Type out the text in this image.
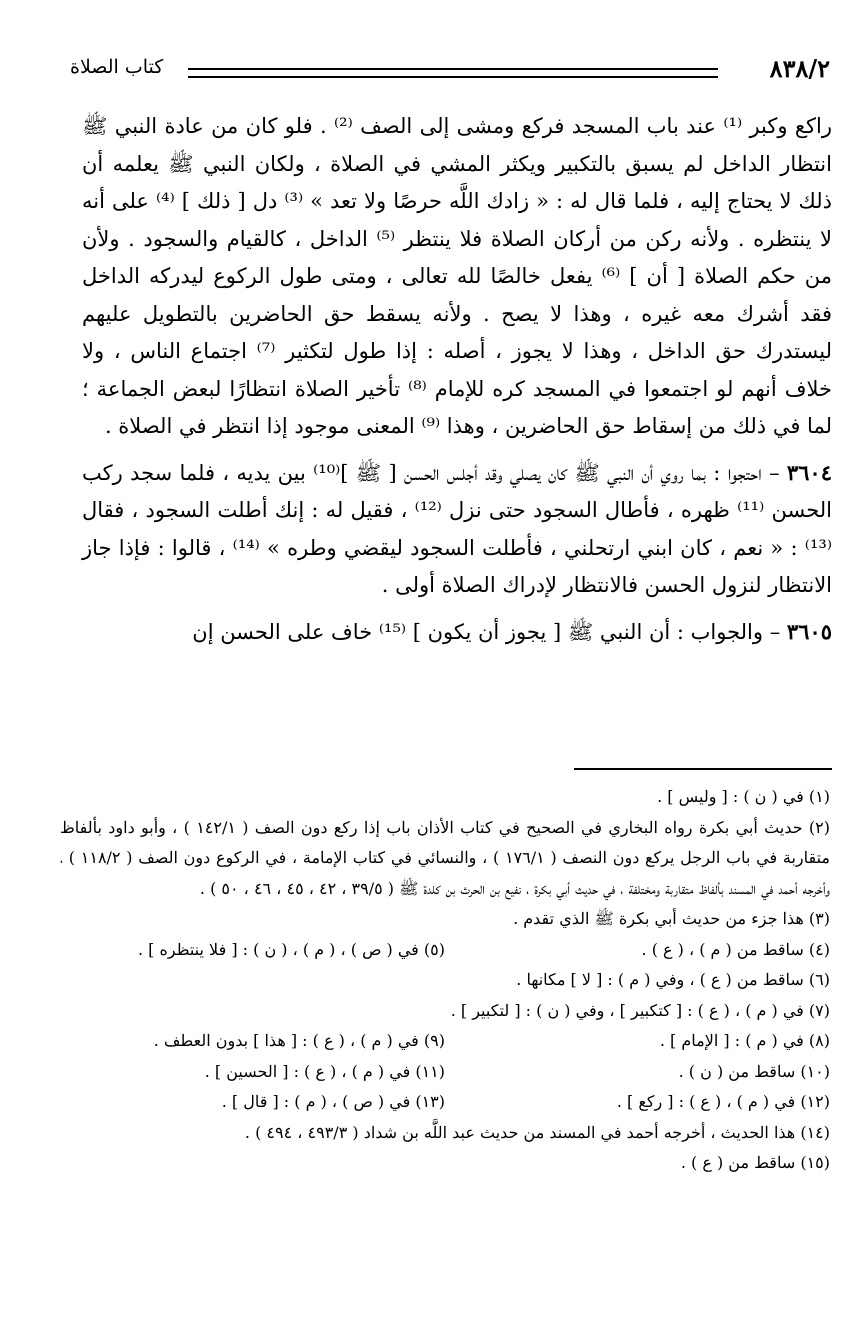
٨٣٨/٢
كتاب الصلاة

راكع وكبر ⁽¹⁾ عند باب المسجد فركع ومشى إلى الصف ⁽²⁾ . فلو كان من عادة النبي ﷺ انتظار الداخل لم يسبق بالتكبير ويكثر المشي في الصلاة ، ولكان النبي ﷺ يعلمه أن ذلك لا يحتاج إليه ، فلما قال له : « زادك اللَّه حرصًا ولا تعد » ⁽³⁾ دل [ ذلك ] ⁽⁴⁾ على أنه لا ينتظره . ولأنه ركن من أركان الصلاة فلا ينتظر ⁽⁵⁾ الداخل ، كالقيام والسجود . ولأن من حكم الصلاة [ أن ] ⁽⁶⁾ يفعل خالصًا لله تعالى ، ومتى طول الركوع ليدركه الداخل فقد أشرك معه غيره ، وهذا لا يصح . ولأنه يسقط حق الحاضرين بالتطويل عليهم ليستدرك حق الداخل ، وهذا لا يجوز ، أصله : إذا طول لتكثير ⁽⁷⁾ اجتماع الناس ، ولا خلاف أنهم لو اجتمعوا في المسجد كره للإمام ⁽⁸⁾ تأخير الصلاة انتظارًا لبعض الجماعة ؛ لما في ذلك من إسقاط حق الحاضرين ، وهذا ⁽⁹⁾ المعنى موجود إذا انتظر في الصلاة .

٣٦٠٤ – احتجوا : بما روي أن النبي ﷺ كان يصلي وقد أجلس الحسن [ ﷺ ]⁽¹⁰⁾ بين يديه ، فلما سجد ركب الحسن ⁽¹¹⁾ ظهره ، فأطال السجود حتى نزل ⁽¹²⁾ ، فقيل له : إنك أطلت السجود ، فقال ⁽¹³⁾ : « نعم ، كان ابني ارتحلني ، فأطلت السجود ليقضي وطره » ⁽¹⁴⁾ ، قالوا : فإذا جاز الانتظار لنزول الحسن فالانتظار لإدراك الصلاة أولى .

٣٦٠٥ – والجواب : أن النبي ﷺ [ يجوز أن يكون ] ⁽¹⁵⁾ خاف على الحسن إن

(١) في ( ن ) : [ وليس ] .

(٢) حديث أبي بكرة رواه البخاري في الصحيح في كتاب الأذان باب إذا ركع دون الصف ( ١٤٢/١ ) ، وأبو داود بألفاظ متقاربة في باب الرجل يركع دون النصف ( ١٧٦/١ ) ، والنسائي في كتاب الإمامة ، في الركوع دون الصف ( ١١٨/٢ ) ، وأخرجه أحمد في المسند بألفاظ متقاربة ومختلفة ، في حديث أبي بكرة ، نفيع بن الحرث بن كلدة ﷺ ( ٣٩/٥ ، ٤٢ ، ٤٥ ، ٤٦ ، ٥٠ ) .

(٣) هذا جزء من حديث أبي بكرة ﷺ الذي تقدم .

(٤) ساقط من ( م ) ، ( ع ) .
(٥) في ( ص ) ، ( م ) ، ( ن ) : [ فلا ينتظره ] .

(٦) ساقط من ( ع ) ، وفي ( م ) : [ لا ] مكانها .

(٧) في ( م ) ، ( ع ) : [ كتكبير ] ، وفي ( ن ) : [ لتكبير ] .

(٨) في ( م ) : [ الإمام ] .
(٩) في ( م ) ، ( ع ) : [ هذا ] بدون العطف .
(١٠) ساقط من ( ن ) .
(١١) في ( م ) ، ( ع ) : [ الحسين ] .
(١٢) في ( م ) ، ( ع ) : [ ركع ] .
(١٣) في ( ص ) ، ( م ) : [ قال ] .

(١٤) هذا الحديث ، أخرجه أحمد في المسند من حديث عبد اللَّه بن شداد ( ٤٩٣/٣ ، ٤٩٤ ) .

(١٥) ساقط من ( ع ) .
